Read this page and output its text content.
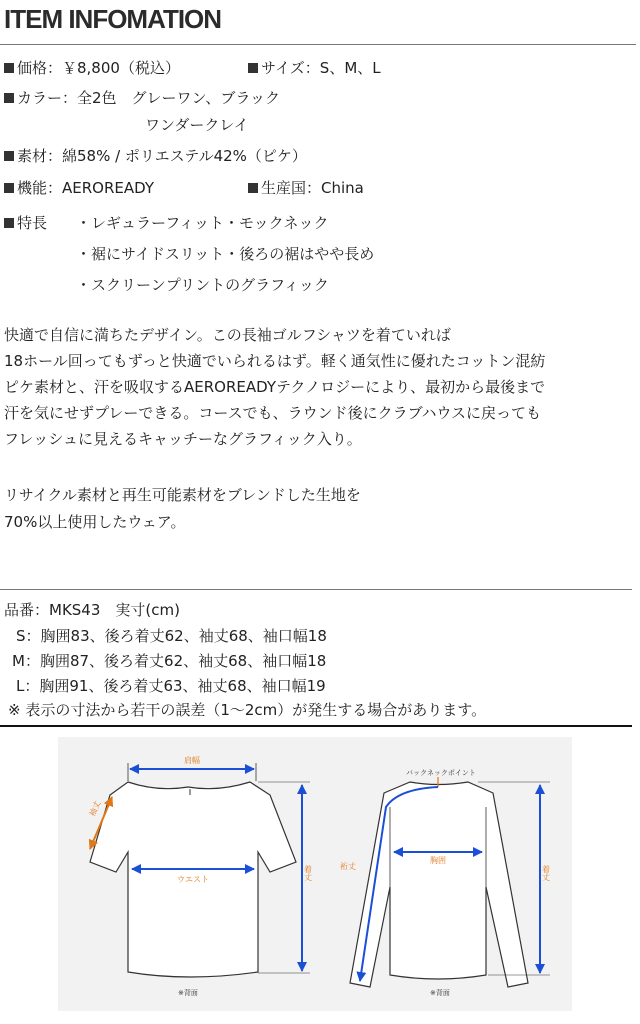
ITEM INFOMATION
価格：￥8,800（税込）	サイズ：S、M、L
カラー：全2色　グレーワン、ブラック
ワンダークレイ
素材：綿58% / ポリエステル42%（ピケ）
機能：AEROREADY	生産国：China
特長 ・レギュラーフィット・モックネック
・裾にサイドスリット・後ろの裾はやや長め
・スクリーンプリントのグラフィック
快適で自信に満ちたデザイン。この長袖ゴルフシャツを着ていれば
18ホール回ってもずっと快適でいられるはず。軽く通気性に優れたコットン混紡
ピケ素材と、汗を吸収するAEROREADYテクノロジーにより、最初から最後まで
汗を気にせずプレーできる。コースでも、ラウンド後にクラブハウスに戻っても
フレッシュに見えるキャッチーなグラフィック入り。
リサイクル素材と再生可能素材をブレンドした生地を
70%以上使用したウェア。
品番：MKS43　実寸(cm)
S：胸囲83、後ろ着丈62、袖丈68、袖口幅18
M：胸囲87、後ろ着丈62、袖丈68、袖口幅18
L：胸囲91、後ろ着丈63、袖丈68、袖口幅19
※ 表示の寸法から若干の誤差（1〜2cm）が発生する場合があります。
肩幅
袖丈
ウエスト	着丈
※背面
バックネックポイント
裄丈
胸囲
着丈
※背面
